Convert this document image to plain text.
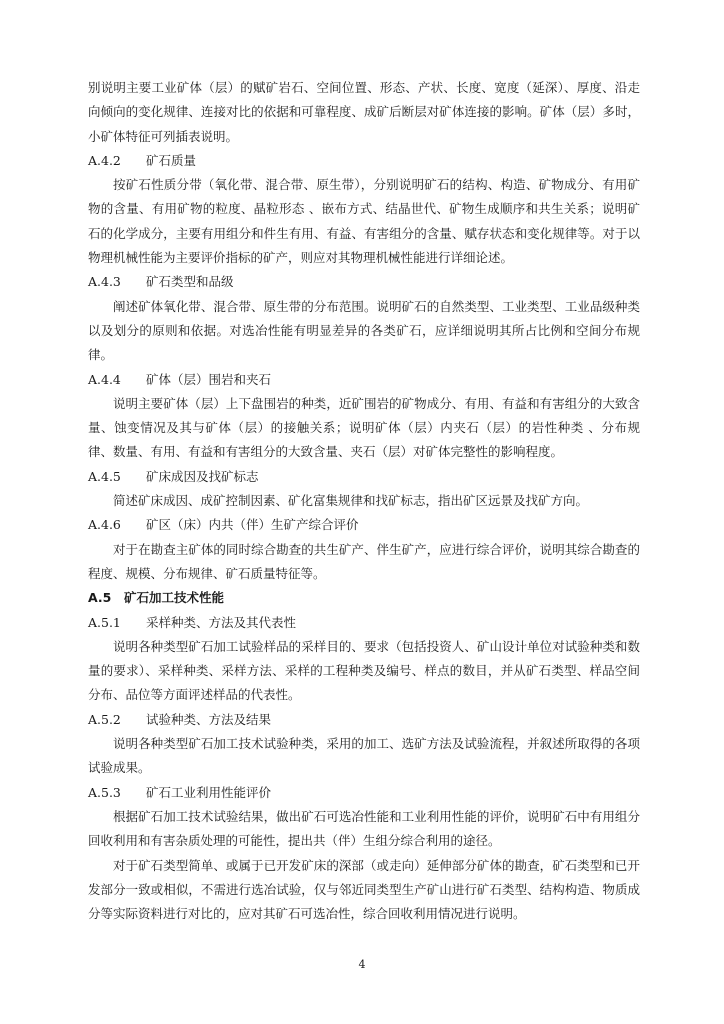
别说明主要工业矿体（层）的赋矿岩石、空间位置、形态、产状、长度、宽度（延深）、厚度、沿走向倾向的变化规律、连接对比的依据和可靠程度、成矿后断层对矿体连接的影响。矿体（层）多时，小矿体特征可列插表说明。

A.4.2 矿石质量

按矿石性质分带（氧化带、混合带、原生带），分别说明矿石的结构、构造、矿物成分、有用矿物的含量、有用矿物的粒度、晶粒形态 、嵌布方式、结晶世代、矿物生成顺序和共生关系；说明矿石的化学成分，主要有用组分和件生有用、有益、有害组分的含量、赋存状态和变化规律等。对于以物理机械性能为主要评价指标的矿产，则应对其物理机械性能进行详细论述。

A.4.3 矿石类型和品级

阐述矿体氧化带、混合带、原生带的分布范围。说明矿石的自然类型、工业类型、工业品级种类以及划分的原则和依据。对选冶性能有明显差异的各类矿石，应详细说明其所占比例和空间分布规律。

A.4.4 矿体（层）围岩和夹石

说明主要矿体（层）上下盘围岩的种类，近矿围岩的矿物成分、有用、有益和有害组分的大致含量、蚀变情况及其与矿体（层）的接触关系；说明矿体（层）内夹石（层）的岩性种类 、分布规律、数量、有用、有益和有害组分的大致含量、夹石（层）对矿体完整性的影响程度。

A.4.5 矿床成因及找矿标志

简述矿床成因、成矿控制因素、矿化富集规律和找矿标志，指出矿区远景及找矿方向。

A.4.6 矿区（床）内共（伴）生矿产综合评价

对于在勘查主矿体的同时综合勘查的共生矿产、伴生矿产，应进行综合评价，说明其综合勘查的程度、规模、分布规律、矿石质量特征等。

A.5 矿石加工技术性能

A.5.1 采样种类、方法及其代表性

说明各种类型矿石加工试验样品的采样目的、要求（包括投资人、矿山设计单位对试验种类和数量的要求）、采样种类、采样方法、采样的工程种类及编号、样点的数目，并从矿石类型、样品空间分布、品位等方面评述样品的代表性。

A.5.2 试验种类、方法及结果

说明各种类型矿石加工技术试验种类，采用的加工、选矿方法及试验流程，并叙述所取得的各项试验成果。

A.5.3 矿石工业利用性能评价

根据矿石加工技术试验结果，做出矿石可选冶性能和工业利用性能的评价，说明矿石中有用组分回收利用和有害杂质处理的可能性，提出共（伴）生组分综合利用的途径。

对于矿石类型简单、或属于已开发矿床的深部（或走向）延伸部分矿体的勘查，矿石类型和已开发部分一致或相似，不需进行选冶试验，仅与邻近同类型生产矿山进行矿石类型、结构构造、物质成分等实际资料进行对比的，应对其矿石可选冶性，综合回收利用情况进行说明。

4
